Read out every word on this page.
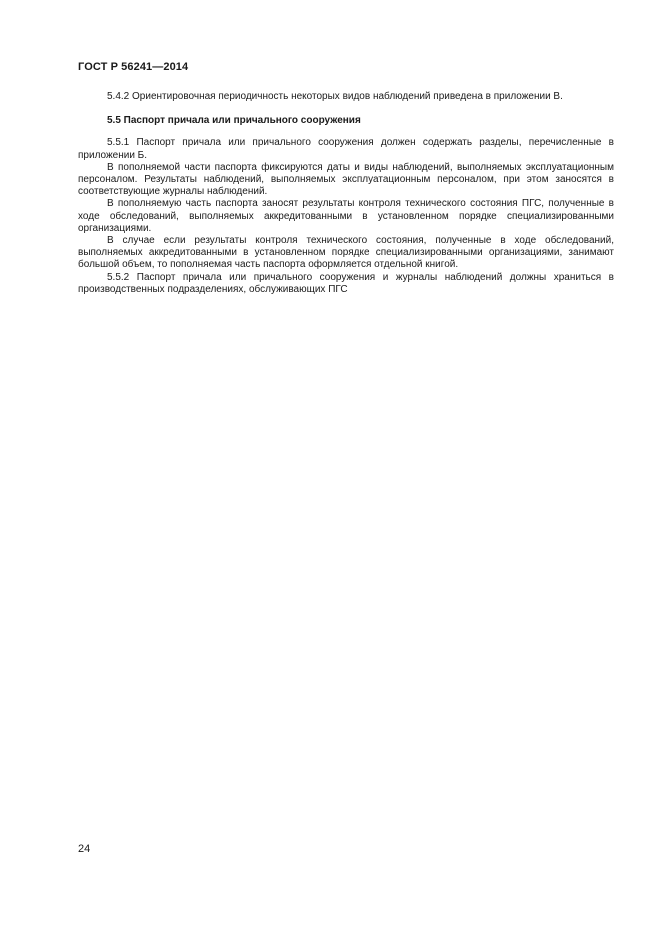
ГОСТ Р 56241—2014

5.4.2 Ориентировочная периодичность некоторых видов наблюдений приведена в приложении В.

5.5 Паспорт причала или причального сооружения

5.5.1 Паспорт причала или причального сооружения должен содержать разделы, перечисленные в приложении Б.

В пополняемой части паспорта фиксируются даты и виды наблюдений, выполняемых эксплуатационным персоналом. Результаты наблюдений, выполняемых эксплуатационным персоналом, при этом заносятся в соответствующие журналы наблюдений.

В пополняемую часть паспорта заносят результаты контроля технического состояния ПГС, полученные в ходе обследований, выполняемых аккредитованными в установленном порядке специализированными организациями.

В случае если результаты контроля технического состояния, полученные в ходе обследований, выполняемых аккредитованными в установленном порядке специализированными организациями, занимают большой объем, то пополняемая часть паспорта оформляется отдельной книгой.

5.5.2 Паспорт причала или причального сооружения и журналы наблюдений должны храниться в производственных подразделениях, обслуживающих ПГС

24
